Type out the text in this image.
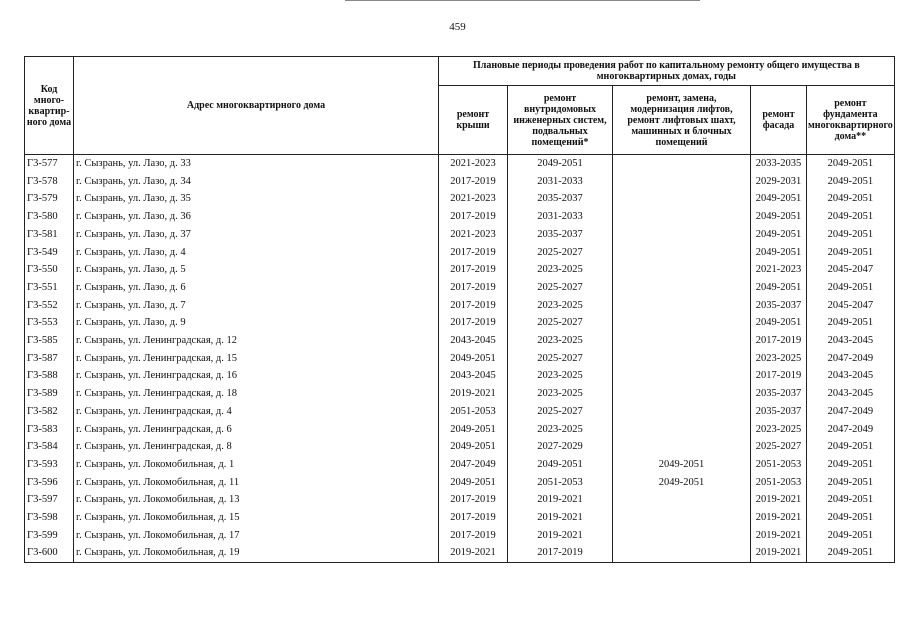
459
Код много-квартир-ного дома	Адрес многоквартирного дома	Плановые периоды проведения работ по капитальному ремонту общего имущества в многоквартирных домах, годы				
		ремонт крыши	ремонт внутридомовых инженерных систем, подвальных помещений*	ремонт, замена, модернизация лифтов, ремонт лифтовых шахт, машинных и блочных помещений	ремонт фасада	ремонт фундамента многоквартирного дома**
Г3-577	г. Сызрань, ул. Лазо, д. 33	2021-2023	2049-2051		2033-2035	2049-2051
Г3-578	г. Сызрань, ул. Лазо, д. 34	2017-2019	2031-2033		2029-2031	2049-2051
Г3-579	г. Сызрань, ул. Лазо, д. 35	2021-2023	2035-2037		2049-2051	2049-2051
Г3-580	г. Сызрань, ул. Лазо, д. 36	2017-2019	2031-2033		2049-2051	2049-2051
Г3-581	г. Сызрань, ул. Лазо, д. 37	2021-2023	2035-2037		2049-2051	2049-2051
Г3-549	г. Сызрань, ул. Лазо, д. 4	2017-2019	2025-2027		2049-2051	2049-2051
Г3-550	г. Сызрань, ул. Лазо, д. 5	2017-2019	2023-2025		2021-2023	2045-2047
Г3-551	г. Сызрань, ул. Лазо, д. 6	2017-2019	2025-2027		2049-2051	2049-2051
Г3-552	г. Сызрань, ул. Лазо, д. 7	2017-2019	2023-2025		2035-2037	2045-2047
Г3-553	г. Сызрань, ул. Лазо, д. 9	2017-2019	2025-2027		2049-2051	2049-2051
Г3-585	г. Сызрань, ул. Ленинградская, д. 12	2043-2045	2023-2025		2017-2019	2043-2045
Г3-587	г. Сызрань, ул. Ленинградская, д. 15	2049-2051	2025-2027		2023-2025	2047-2049
Г3-588	г. Сызрань, ул. Ленинградская, д. 16	2043-2045	2023-2025		2017-2019	2043-2045
Г3-589	г. Сызрань, ул. Ленинградская, д. 18	2019-2021	2023-2025		2035-2037	2043-2045
Г3-582	г. Сызрань, ул. Ленинградская, д. 4	2051-2053	2025-2027		2035-2037	2047-2049
Г3-583	г. Сызрань, ул. Ленинградская, д. 6	2049-2051	2023-2025		2023-2025	2047-2049
Г3-584	г. Сызрань, ул. Ленинградская, д. 8	2049-2051	2027-2029		2025-2027	2049-2051
Г3-593	г. Сызрань, ул. Локомобильная, д. 1	2047-2049	2049-2051	2049-2051	2051-2053	2049-2051
Г3-596	г. Сызрань, ул. Локомобильная, д. 11	2049-2051	2051-2053	2049-2051	2051-2053	2049-2051
Г3-597	г. Сызрань, ул. Локомобильная, д. 13	2017-2019	2019-2021		2019-2021	2049-2051
Г3-598	г. Сызрань, ул. Локомобильная, д. 15	2017-2019	2019-2021		2019-2021	2049-2051
Г3-599	г. Сызрань, ул. Локомобильная, д. 17	2017-2019	2019-2021		2019-2021	2049-2051
Г3-600	г. Сызрань, ул. Локомобильная, д. 19	2019-2021	2017-2019		2019-2021	2049-2051
